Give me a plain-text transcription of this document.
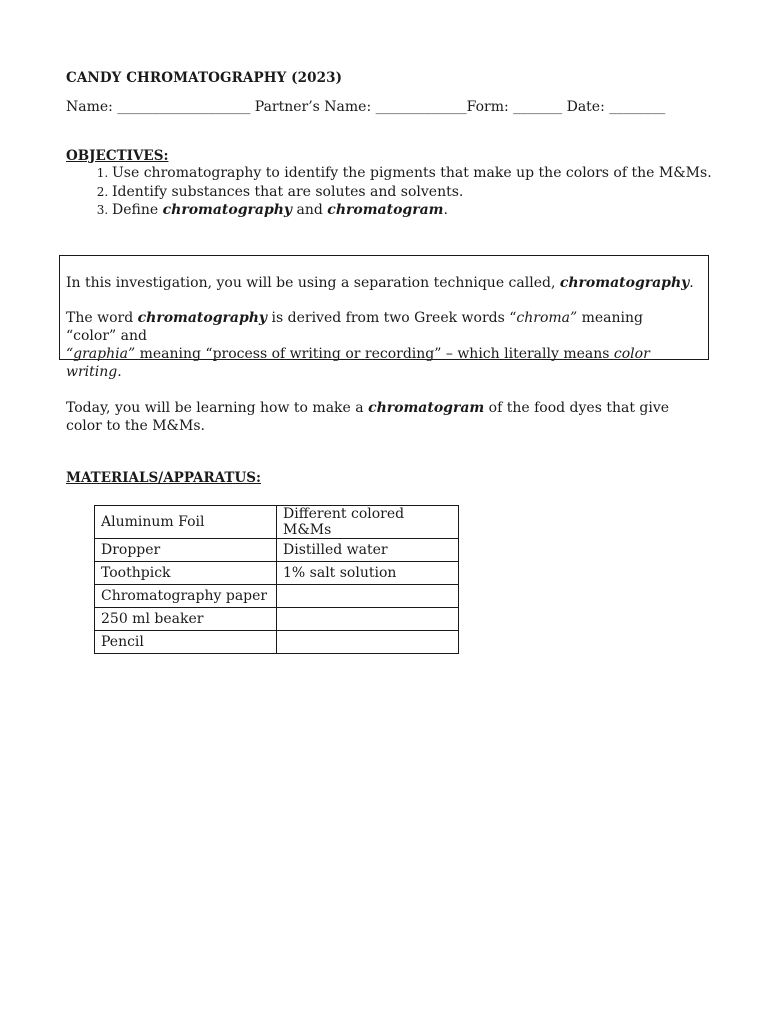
CANDY CHROMATOGRAPHY (2023)
Name: ___________________ Partner’s Name: _____________Form: _______ Date: ________
OBJECTIVES:
1. Use chromatography to identify the pigments that make up the colors of the M&Ms.
2. Identify substances that are solutes and solvents.
3. Define chromatography and chromatogram.
In this investigation, you will be using a separation technique called, chromatography.
The word chromatography is derived from two Greek words “chroma” meaning “color” and
“graphia” meaning “process of writing or recording” – which literally means color writing.
Today, you will be learning how to make a chromatogram of the food dyes that give color to the M&Ms.
MATERIALS/APPARATUS:
Aluminum Foil	Different colored M&Ms
Dropper	Distilled water
Toothpick	1% salt solution
Chromatography paper	
250 ml beaker	
Pencil	
